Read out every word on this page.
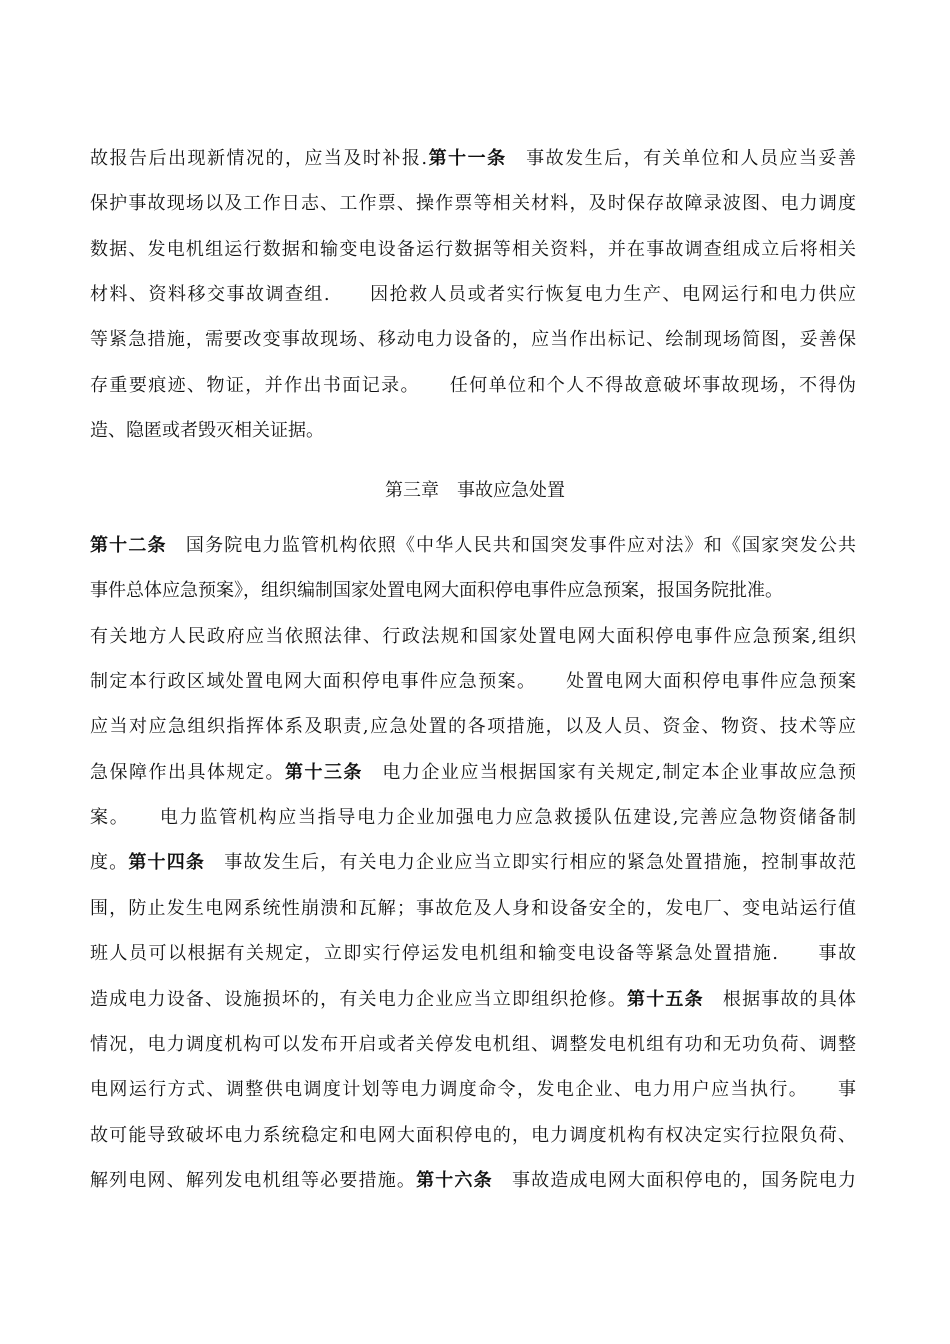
故报告后出现新情况的，应当及时补报.第十一条　事故发生后，有关单位和人员应当妥善
保护事故现场以及工作日志、工作票、操作票等相关材料，及时保存故障录波图、电力调度
数据、发电机组运行数据和输变电设备运行数据等相关资料，并在事故调查组成立后将相关
材料、资料移交事故调查组.　　因抢救人员或者实行恢复电力生产、电网运行和电力供应
等紧急措施，需要改变事故现场、移动电力设备的，应当作出标记、绘制现场简图，妥善保
存重要痕迹、物证，并作出书面记录。　　任何单位和个人不得故意破坏事故现场，不得伪
造、隐匿或者毁灭相关证据。
第三章　事故应急处置
第十二条　国务院电力监管机构依照《中华人民共和国突发事件应对法》和《国家突发公共
事件总体应急预案》，组织编制国家处置电网大面积停电事件应急预案，报国务院批准。
有关地方人民政府应当依照法律、行政法规和国家处置电网大面积停电事件应急预案,组织
制定本行政区域处置电网大面积停电事件应急预案。　　处置电网大面积停电事件应急预案
应当对应急组织指挥体系及职责,应急处置的各项措施，以及人员、资金、物资、技术等应
急保障作出具体规定。第十三条　电力企业应当根据国家有关规定,制定本企业事故应急预
案。　　电力监管机构应当指导电力企业加强电力应急救援队伍建设,完善应急物资储备制
度。第十四条　事故发生后，有关电力企业应当立即实行相应的紧急处置措施，控制事故范
围，防止发生电网系统性崩溃和瓦解；事故危及人身和设备安全的，发电厂、变电站运行值
班人员可以根据有关规定，立即实行停运发电机组和输变电设备等紧急处置措施.　　事故
造成电力设备、设施损坏的，有关电力企业应当立即组织抢修。第十五条　根据事故的具体
情况，电力调度机构可以发布开启或者关停发电机组、调整发电机组有功和无功负荷、调整
电网运行方式、调整供电调度计划等电力调度命令，发电企业、电力用户应当执行。　　事
故可能导致破坏电力系统稳定和电网大面积停电的，电力调度机构有权决定实行拉限负荷、
解列电网、解列发电机组等必要措施。第十六条　事故造成电网大面积停电的，国务院电力
